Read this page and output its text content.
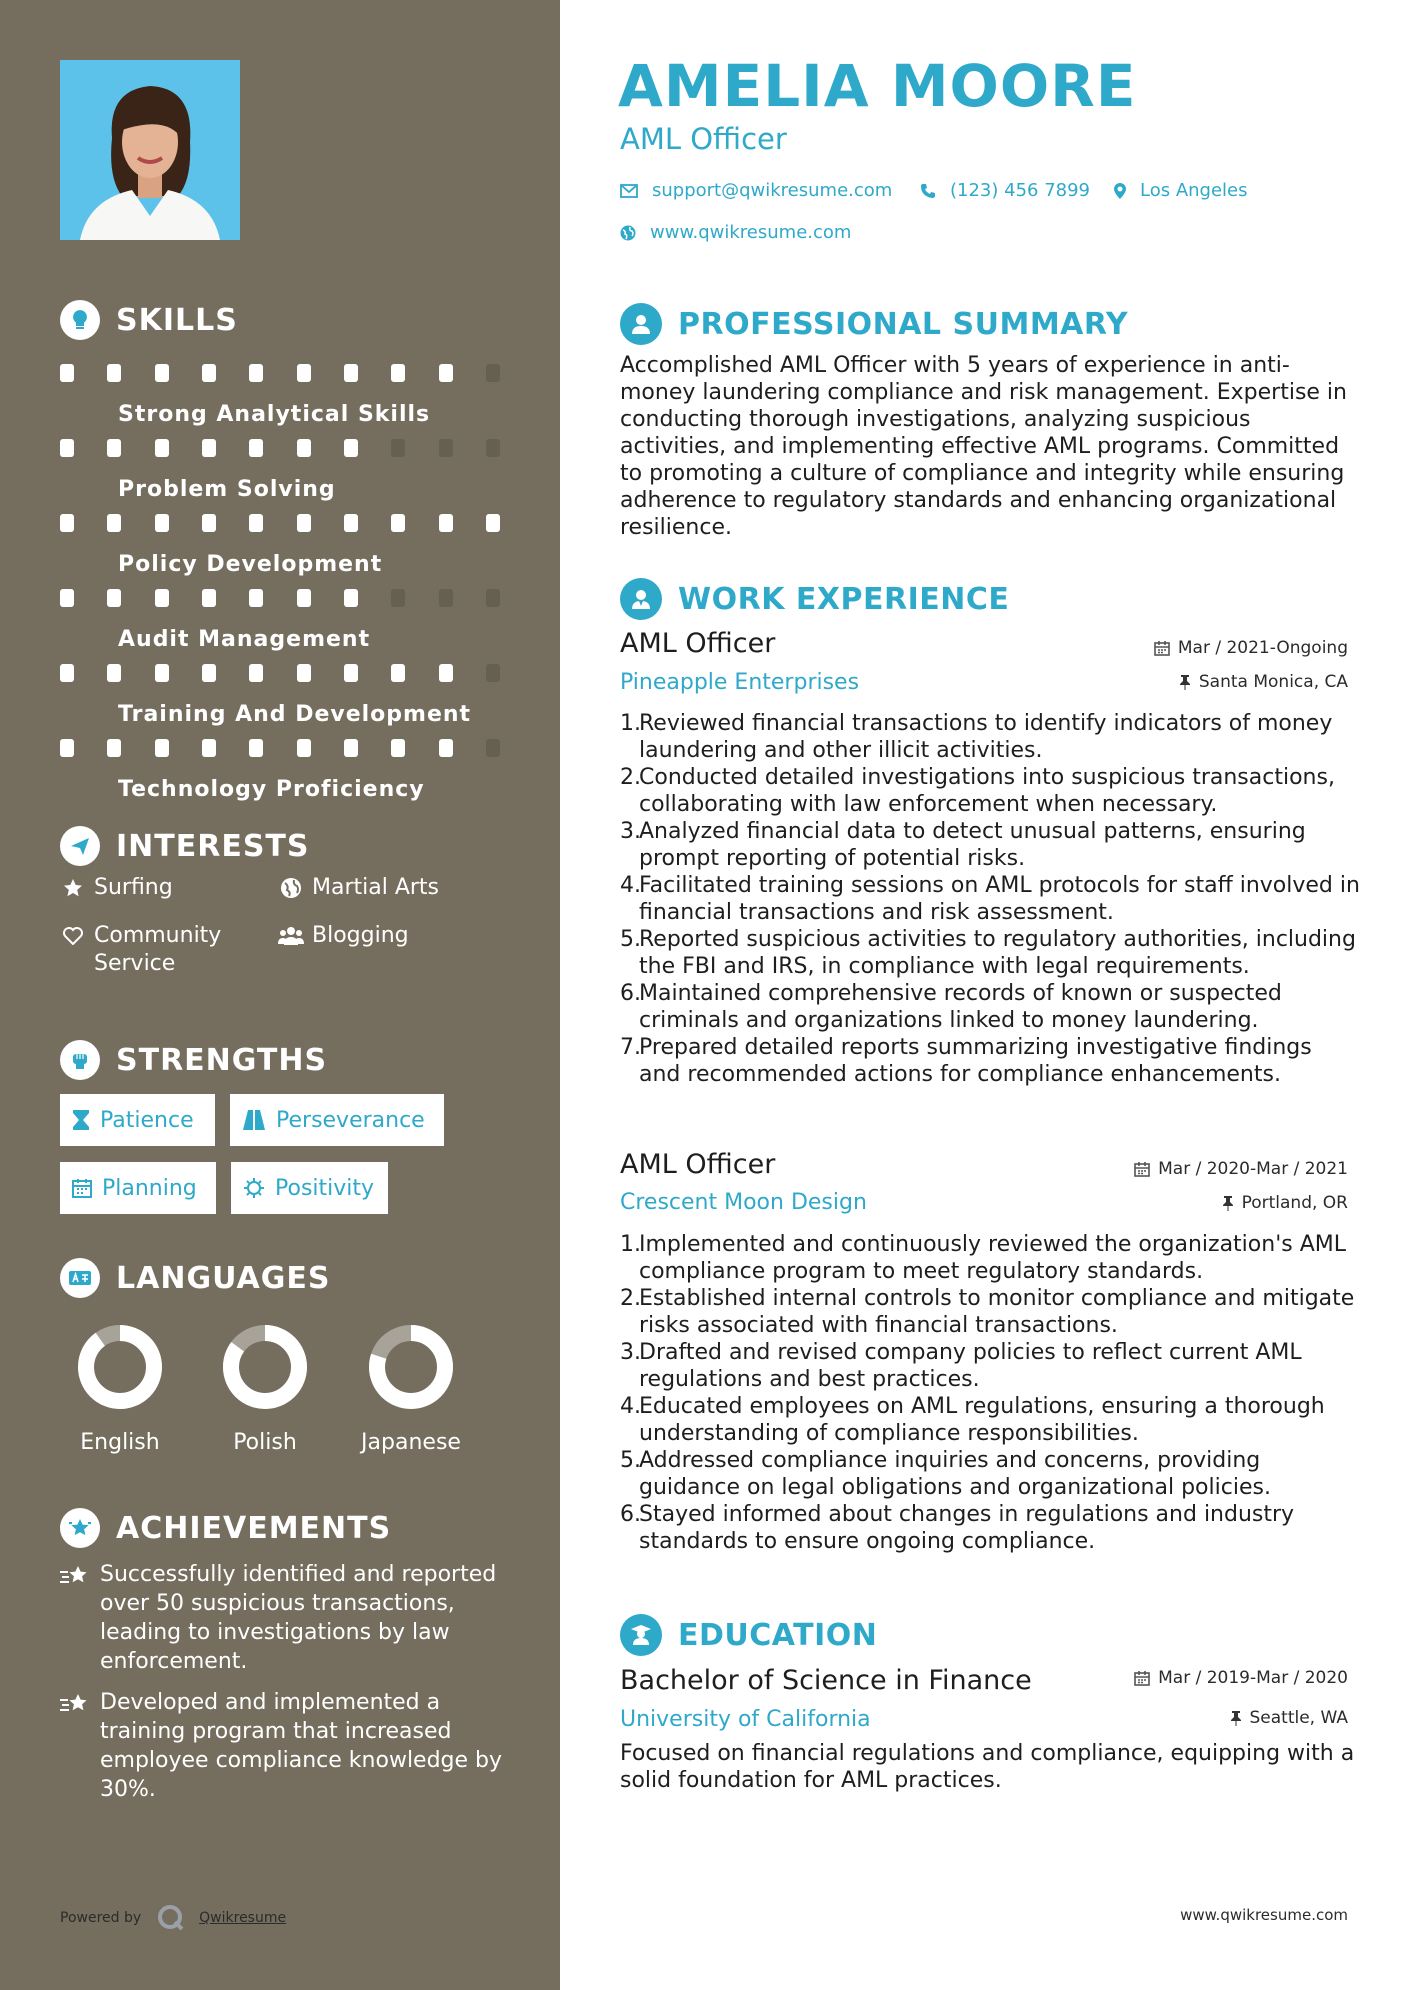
SKILLS
Strong Analytical Skills
Problem Solving
Policy Development
Audit Management
Training And Development
Technology Proficiency
INTERESTS
Surfing	Martial Arts
Community
Service
Blogging
STRENGTHS
Patience	Perseverance
Planning	Positivity
LANGUAGES
English	Polish	Japanese
ACHIEVEMENTS
Successfully identified and reported over 50 suspicious transactions, leading to investigations by law enforcement.
Developed and implemented a training program that increased employee compliance knowledge by 30%.
Powered by	Qwikresume
AMELIA MOORE
AML Officer
support@qwikresume.com	(123) 456 7899	Los Angeles
www.qwikresume.com
PROFESSIONAL SUMMARY
Accomplished AML Officer with 5 years of experience in anti-money laundering compliance and risk management. Expertise in conducting thorough investigations, analyzing suspicious activities, and implementing effective AML programs. Committed to promoting a culture of compliance and integrity while ensuring adherence to regulatory standards and enhancing organizational resilience.
WORK EXPERIENCE
AML Officer
Pineapple Enterprises
Mar / 2021-Ongoing
Santa Monica, CA
1.
Reviewed financial transactions to identify indicators of money laundering and other illicit activities.
2.
Conducted detailed investigations into suspicious transactions, collaborating with law enforcement when necessary.
3.
Analyzed financial data to detect unusual patterns, ensuring prompt reporting of potential risks.
4.
Facilitated training sessions on AML protocols for staff involved in financial transactions and risk assessment.
5.
Reported suspicious activities to regulatory authorities, including the FBI and IRS, in compliance with legal requirements.
6.
Maintained comprehensive records of known or suspected criminals and organizations linked to money laundering.
7.
Prepared detailed reports summarizing investigative findings and recommended actions for compliance enhancements.
AML Officer
Crescent Moon Design
Mar / 2020-Mar / 2021
Portland, OR
1.
Implemented and continuously reviewed the organization's AML compliance program to meet regulatory standards.
2.
Established internal controls to monitor compliance and mitigate risks associated with financial transactions.
3.
Drafted and revised company policies to reflect current AML regulations and best practices.
4.
Educated employees on AML regulations, ensuring a thorough understanding of compliance responsibilities.
5.
Addressed compliance inquiries and concerns, providing guidance on legal obligations and organizational policies.
6.
Stayed informed about changes in regulations and industry standards to ensure ongoing compliance.
EDUCATION
Bachelor of Science in Finance
University of California
Mar / 2019-Mar / 2020
Seattle, WA
Focused on financial regulations and compliance, equipping with a solid foundation for AML practices.
www.qwikresume.com
